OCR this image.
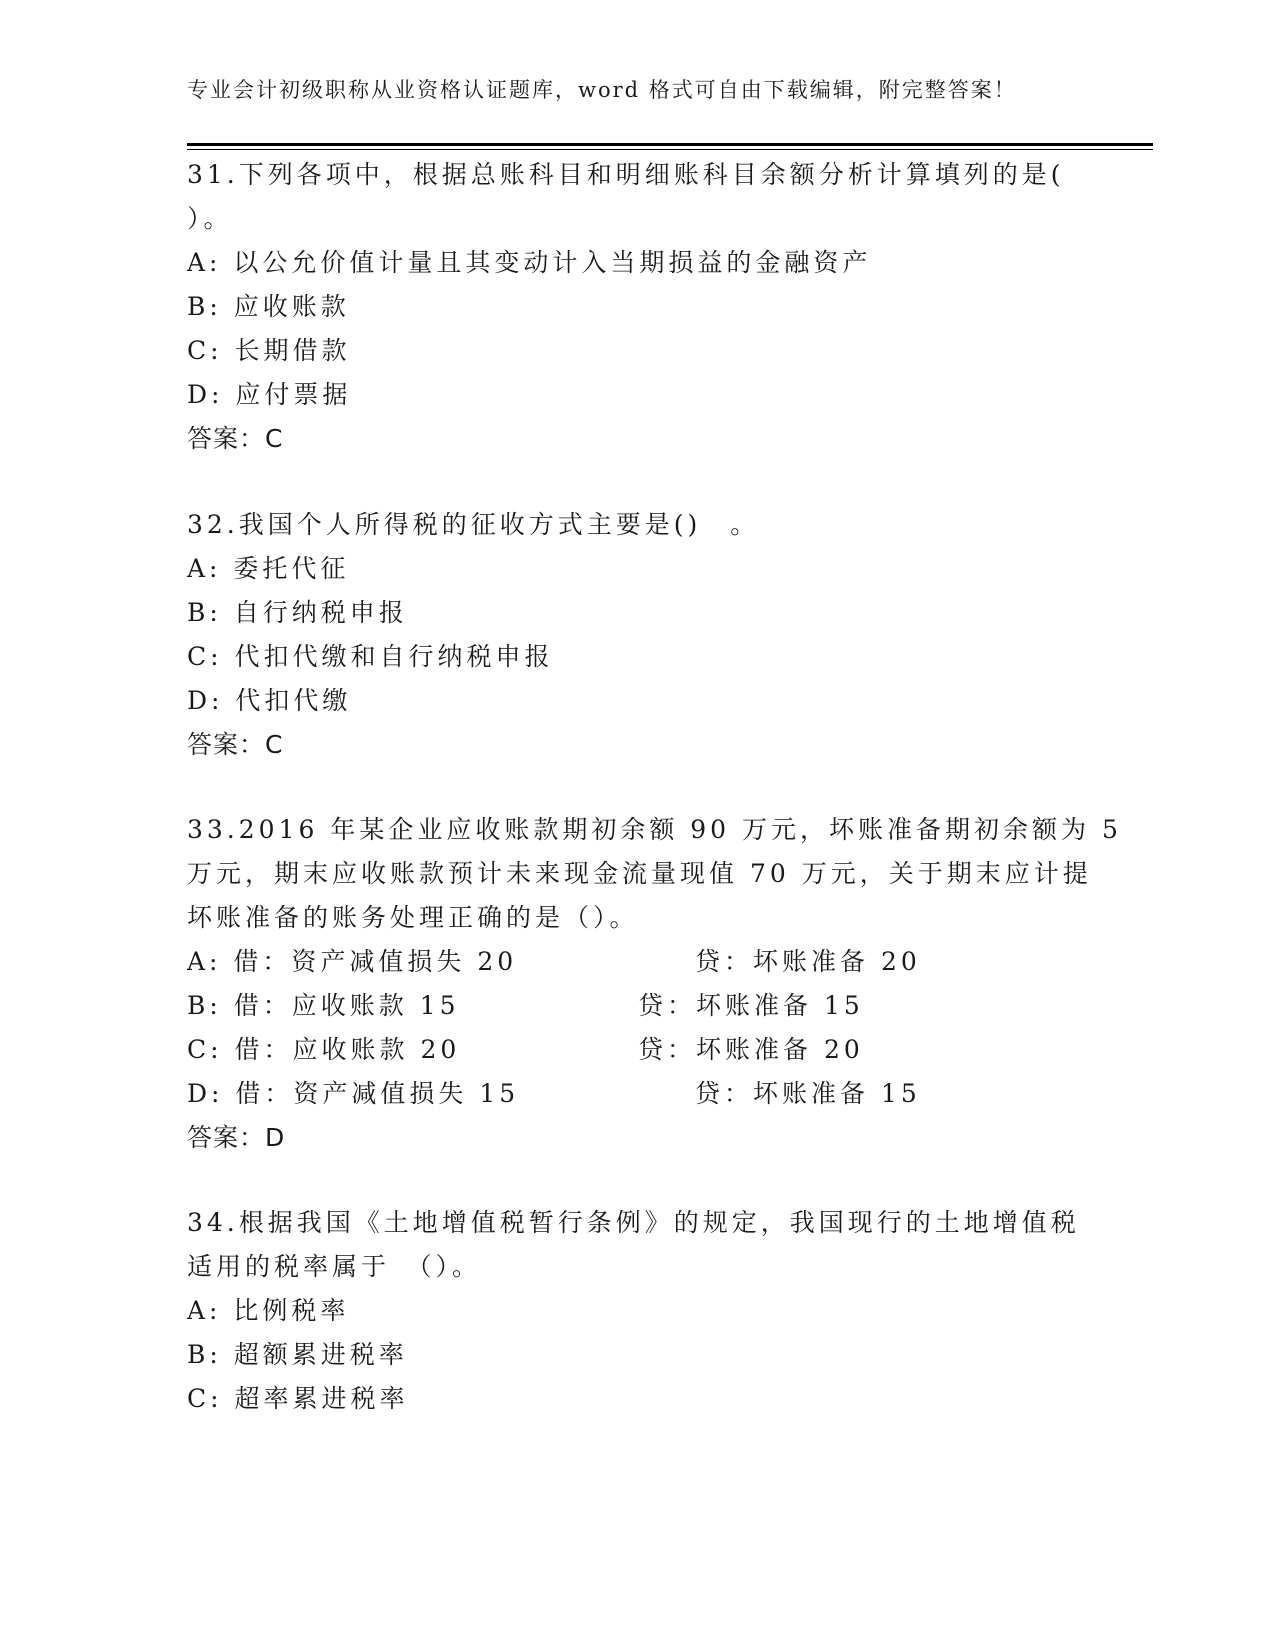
专业会计初级职称从业资格认证题库，word 格式可自由下载编辑，附完整答案！
31.下列各项中，根据总账科目和明细账科目余额分析计算填列的是(
）。
A: 以公允价值计量且其变动计入当期损益的金融资产
B: 应收账款
C: 长期借款
D: 应付票据
答案：C
32.我国个人所得税的征收方式主要是()　。
A: 委托代征
B: 自行纳税申报
C: 代扣代缴和自行纳税申报
D: 代扣代缴
答案：C
33.2016 年某企业应收账款期初余额 90 万元，坏账准备期初余额为 5
万元，期末应收账款预计未来现金流量现值 70 万元，关于期末应计提
坏账准备的账务处理正确的是（）。
A: 借：资产减值损失 20	贷：坏账准备 20
B: 借：应收账款 15	贷：坏账准备 15
C: 借：应收账款 20	贷：坏账准备 20
D: 借：资产减值损失 15	贷：坏账准备 15
答案：D
34.根据我国《土地增值税暂行条例》的规定，我国现行的土地增值税
适用的税率属于　（）。
A: 比例税率
B: 超额累进税率
C: 超率累进税率
